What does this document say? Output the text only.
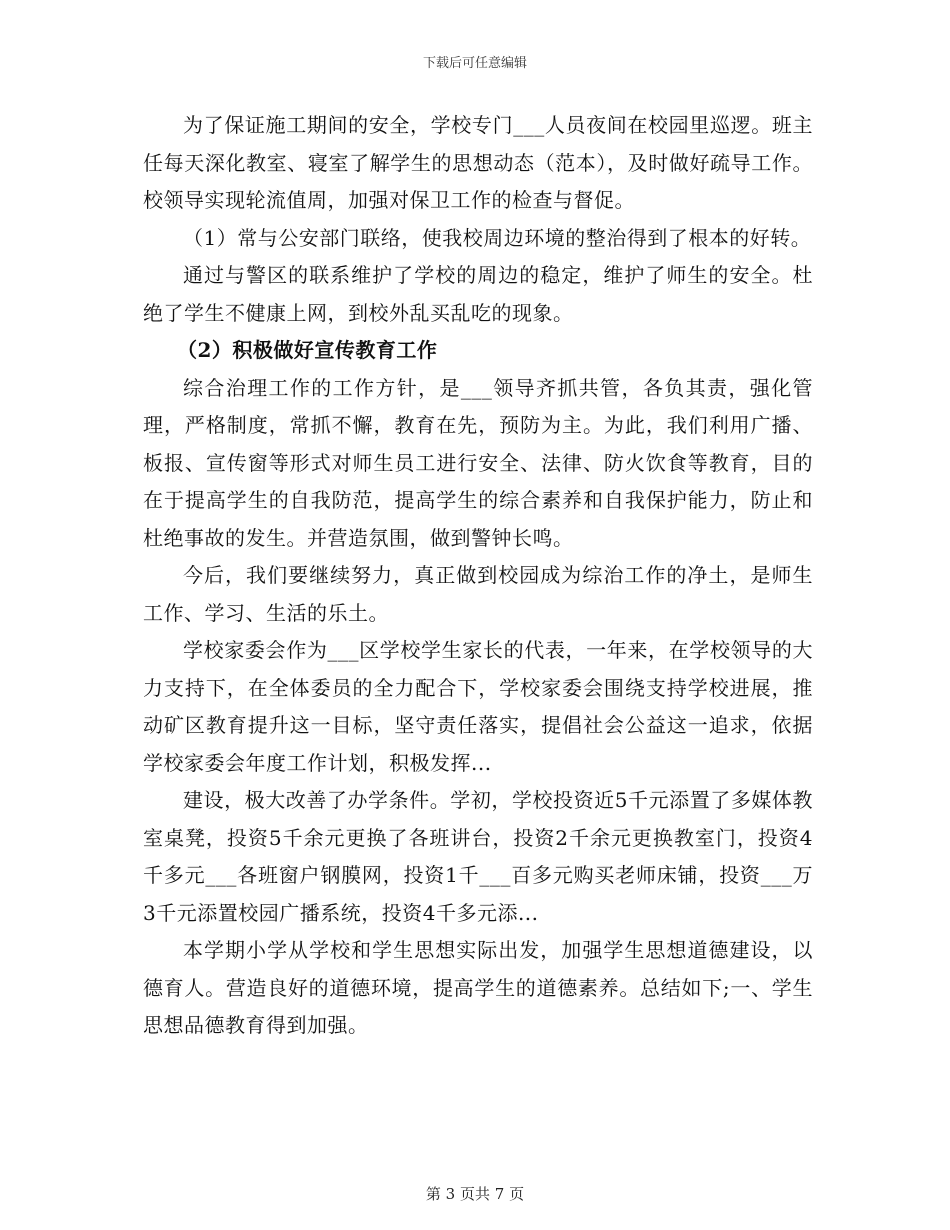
下载后可任意编辑

为了保证施工期间的安全，学校专门___人员夜间在校园里巡逻。班主任每天深化教室、寝室了解学生的思想动态（范本），及时做好疏导工作。校领导实现轮流值周，加强对保卫工作的检查与督促。

（1）常与公安部门联络，使我校周边环境的整治得到了根本的好转。

通过与警区的联系维护了学校的周边的稳定，维护了师生的安全。杜绝了学生不健康上网，到校外乱买乱吃的现象。

（2）积极做好宣传教育工作

综合治理工作的工作方针，是___领导齐抓共管，各负其责，强化管理，严格制度，常抓不懈，教育在先，预防为主。为此，我们利用广播、板报、宣传窗等形式对师生员工进行安全、法律、防火饮食等教育，目的在于提高学生的自我防范，提高学生的综合素养和自我保护能力，防止和杜绝事故的发生。并营造氛围，做到警钟长鸣。

今后，我们要继续努力，真正做到校园成为综治工作的净土，是师生工作、学习、生活的乐土。

学校家委会作为___区学校学生家长的代表，一年来，在学校领导的大力支持下，在全体委员的全力配合下，学校家委会围绕支持学校进展，推动矿区教育提升这一目标，坚守责任落实，提倡社会公益这一追求，依据学校家委会年度工作计划，积极发挥...

建设，极大改善了办学条件。学初，学校投资近5千元添置了多媒体教室桌凳，投资5千余元更换了各班讲台，投资2千余元更换教室门，投资4千多元___各班窗户钢膜网，投资1千___百多元购买老师床铺，投资___万3千元添置校园广播系统，投资4千多元添...

本学期小学从学校和学生思想实际出发，加强学生思想道德建设，以德育人。营造良好的道德环境，提高学生的道德素养。总结如下;一、学生思想品德教育得到加强。

第 3 页共 7 页
